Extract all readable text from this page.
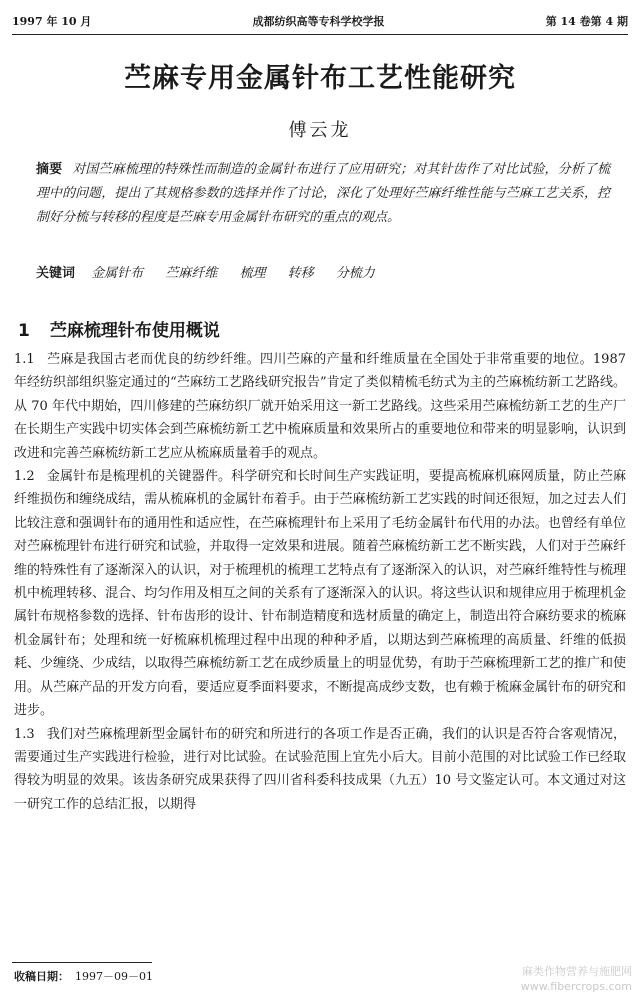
1997 年 10 月	成都纺织高等专科学校学报	第 14 卷第 4 期
苎麻专用金属针布工艺性能研究
傅云龙
摘要 对国苎麻梳理的特殊性而制造的金属针布进行了应用研究；对其针齿作了对比试验，分析了梳理中的问题，提出了其规格参数的选择并作了讨论，深化了处理好苎麻纤维性能与苎麻工艺关系，控制好分梳与转移的程度是苎麻专用金属针布研究的重点的观点。
关键词 金属针布 苎麻纤维 梳理 转移 分梳力
1 苎麻梳理针布使用概说

1.1 苎麻是我国古老而优良的纺纱纤维。四川苎麻的产量和纤维质量在全国处于非常重要的地位。1987 年经纺织部组织鉴定通过的“苎麻纺工艺路线研究报告”肯定了类似精梳毛纺式为主的苎麻梳纺新工艺路线。从 70 年代中期始，四川修建的苎麻纺织厂就开始采用这一新工艺路线。这些采用苎麻梳纺新工艺的生产厂在长期生产实践中切实体会到苎麻梳纺新工艺中梳麻质量和效果所占的重要地位和带来的明显影响，认识到改进和完善苎麻梳纺新工艺应从梳麻质量着手的观点。

1.2 金属针布是梳理机的关键器件。科学研究和长时间生产实践证明，要提高梳麻机麻网质量，防止苎麻纤维损伤和缠绕成结，需从梳麻机的金属针布着手。由于苎麻梳纺新工艺实践的时间还很短，加之过去人们比较注意和强调针布的通用性和适应性，在苎麻梳理针布上采用了毛纺金属针布代用的办法。也曾经有单位对苎麻梳理针布进行研究和试验，并取得一定效果和进展。随着苎麻梳纺新工艺不断实践，人们对于苎麻纤维的特殊性有了逐渐深入的认识，对于梳理机的梳理工艺特点有了逐渐深入的认识，对苎麻纤维特性与梳理机中梳理转移、混合、均匀作用及相互之间的关系有了逐渐深入的认识。将这些认识和规律应用于梳理机金属针布规格参数的选择、针布齿形的设计、针布制造精度和选材质量的确定上，制造出符合麻纺要求的梳麻机金属针布；处理和统一好梳麻机梳理过程中出现的种种矛盾，以期达到苎麻梳理的高质量、纤维的低损耗、少缠绕、少成结，以取得苎麻梳纺新工艺在成纱质量上的明显优势，有助于苎麻梳理新工艺的推广和使用。从苎麻产品的开发方向看，要适应夏季面料要求，不断提高成纱支数，也有赖于梳麻金属针布的研究和进步。

1.3 我们对苎麻梳理新型金属针布的研究和所进行的各项工作是否正确，我们的认识是否符合客观情况，需要通过生产实践进行检验，进行对比试验。在试验范围上宜先小后大。目前小范围的对比试验工作已经取得较为明显的效果。该齿条研究成果获得了四川省科委科技成果（九五）10 号文鉴定认可。本文通过对这一研究工作的总结汇报，以期得

收稿日期： 1997－09－01	麻类作物营养与施肥网
www.fibercrops.com
